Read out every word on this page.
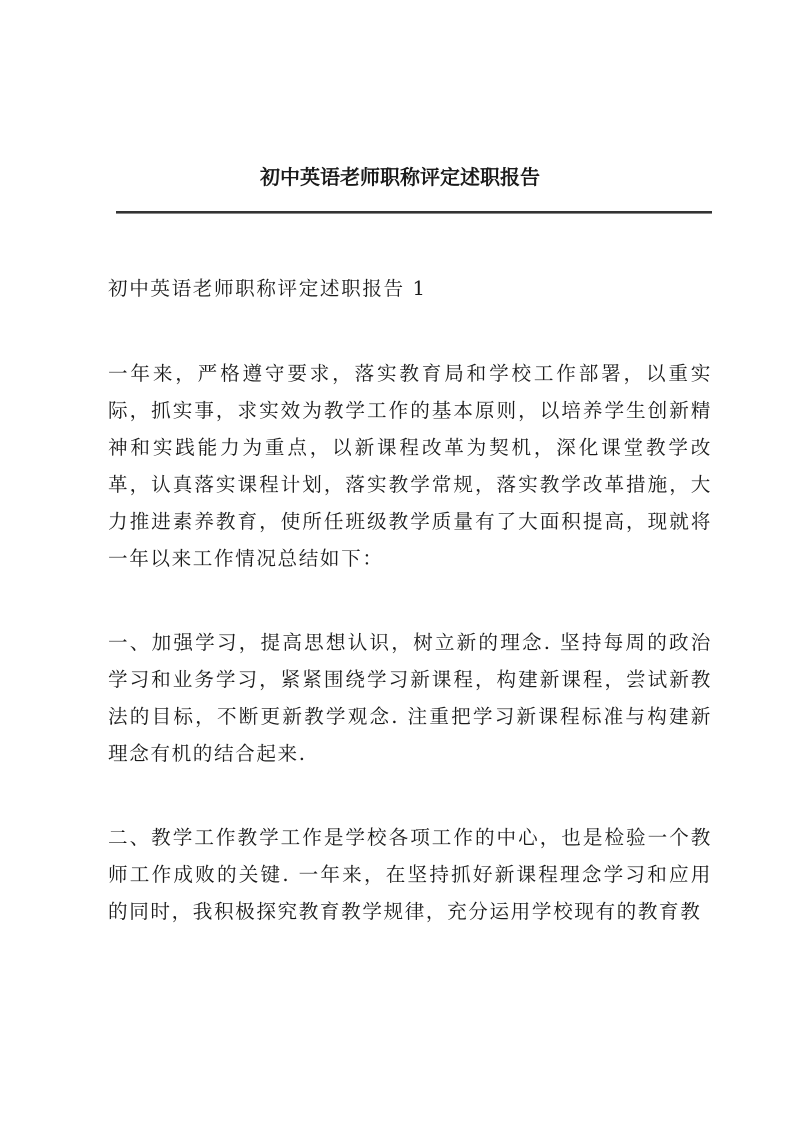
初中英语老师职称评定述职报告

初中英语老师职称评定述职报告 1

一年来，严格遵守要求，落实教育局和学校工作部署，以重实际，抓实事，求实效为教学工作的基本原则，以培养学生创新精神和实践能力为重点，以新课程改革为契机，深化课堂教学改革，认真落实课程计划，落实教学常规，落实教学改革措施，大力推进素养教育，使所任班级教学质量有了大面积提高，现就将一年以来工作情况总结如下：

一、加强学习，提高思想认识，树立新的理念. 坚持每周的政治学习和业务学习，紧紧围绕学习新课程，构建新课程，尝试新教法的目标，不断更新教学观念. 注重把学习新课程标准与构建新理念有机的结合起来.

二、教学工作教学工作是学校各项工作的中心，也是检验一个教师工作成败的关键. 一年来，在坚持抓好新课程理念学习和应用的同时，我积极探究教育教学规律，充分运用学校现有的教育教
